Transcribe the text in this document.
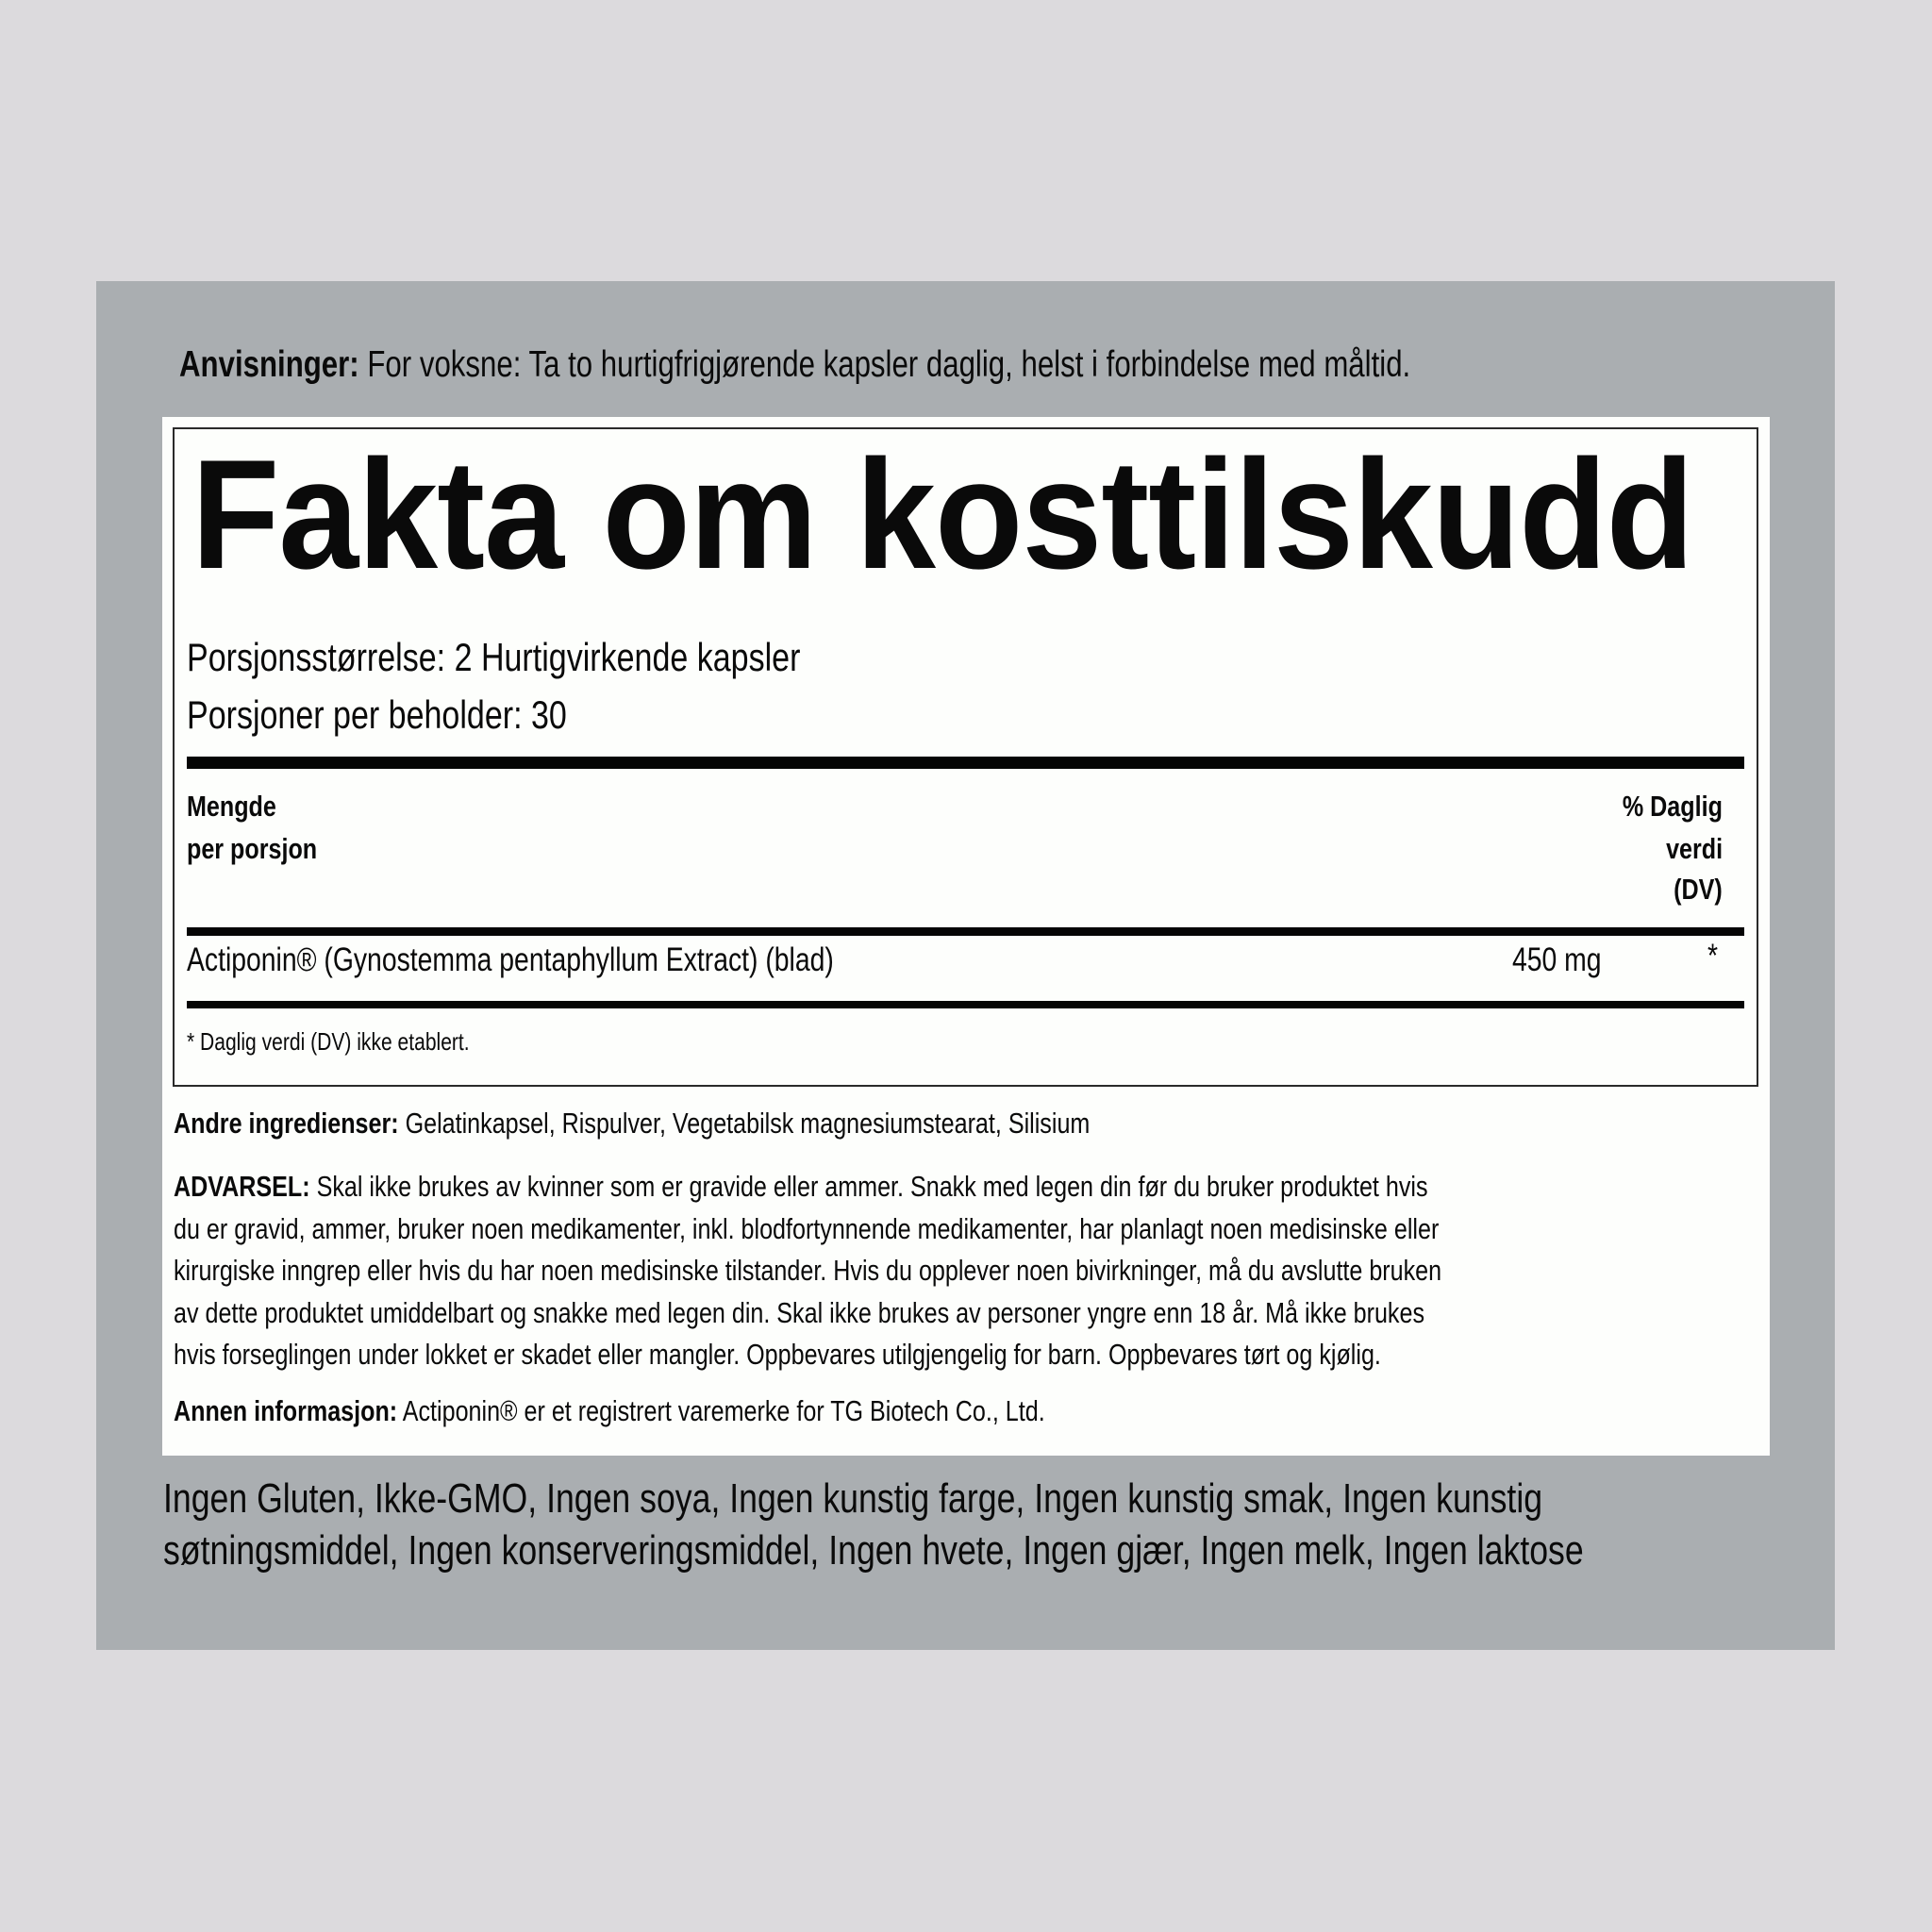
Anvisninger: For voksne: Ta to hurtigfrigjørende kapsler daglig, helst i forbindelse med måltid.
Fakta om kosttilskudd
Porsjonsstørrelse: 2 Hurtigvirkende kapsler
Porsjoner per beholder: 30
Mengde
per porsjon
% Daglig
verdi
(DV)
Actiponin® (Gynostemma pentaphyllum Extract) (blad)	450 mg	*
* Daglig verdi (DV) ikke etablert.
Andre ingredienser: Gelatinkapsel, Rispulver, Vegetabilsk magnesiumstearat, Silisium
ADVARSEL: Skal ikke brukes av kvinner som er gravide eller ammer. Snakk med legen din før du bruker produktet hvis
du er gravid, ammer, bruker noen medikamenter, inkl. blodfortynnende medikamenter, har planlagt noen medisinske eller
kirurgiske inngrep eller hvis du har noen medisinske tilstander. Hvis du opplever noen bivirkninger, må du avslutte bruken
av dette produktet umiddelbart og snakke med legen din. Skal ikke brukes av personer yngre enn 18 år. Må ikke brukes
hvis forseglingen under lokket er skadet eller mangler. Oppbevares utilgjengelig for barn. Oppbevares tørt og kjølig.
Annen informasjon: Actiponin® er et registrert varemerke for TG Biotech Co., Ltd.
Ingen Gluten, Ikke-GMO, Ingen soya, Ingen kunstig farge, Ingen kunstig smak, Ingen kunstig
søtningsmiddel, Ingen konserveringsmiddel, Ingen hvete, Ingen gjær, Ingen melk, Ingen laktose
